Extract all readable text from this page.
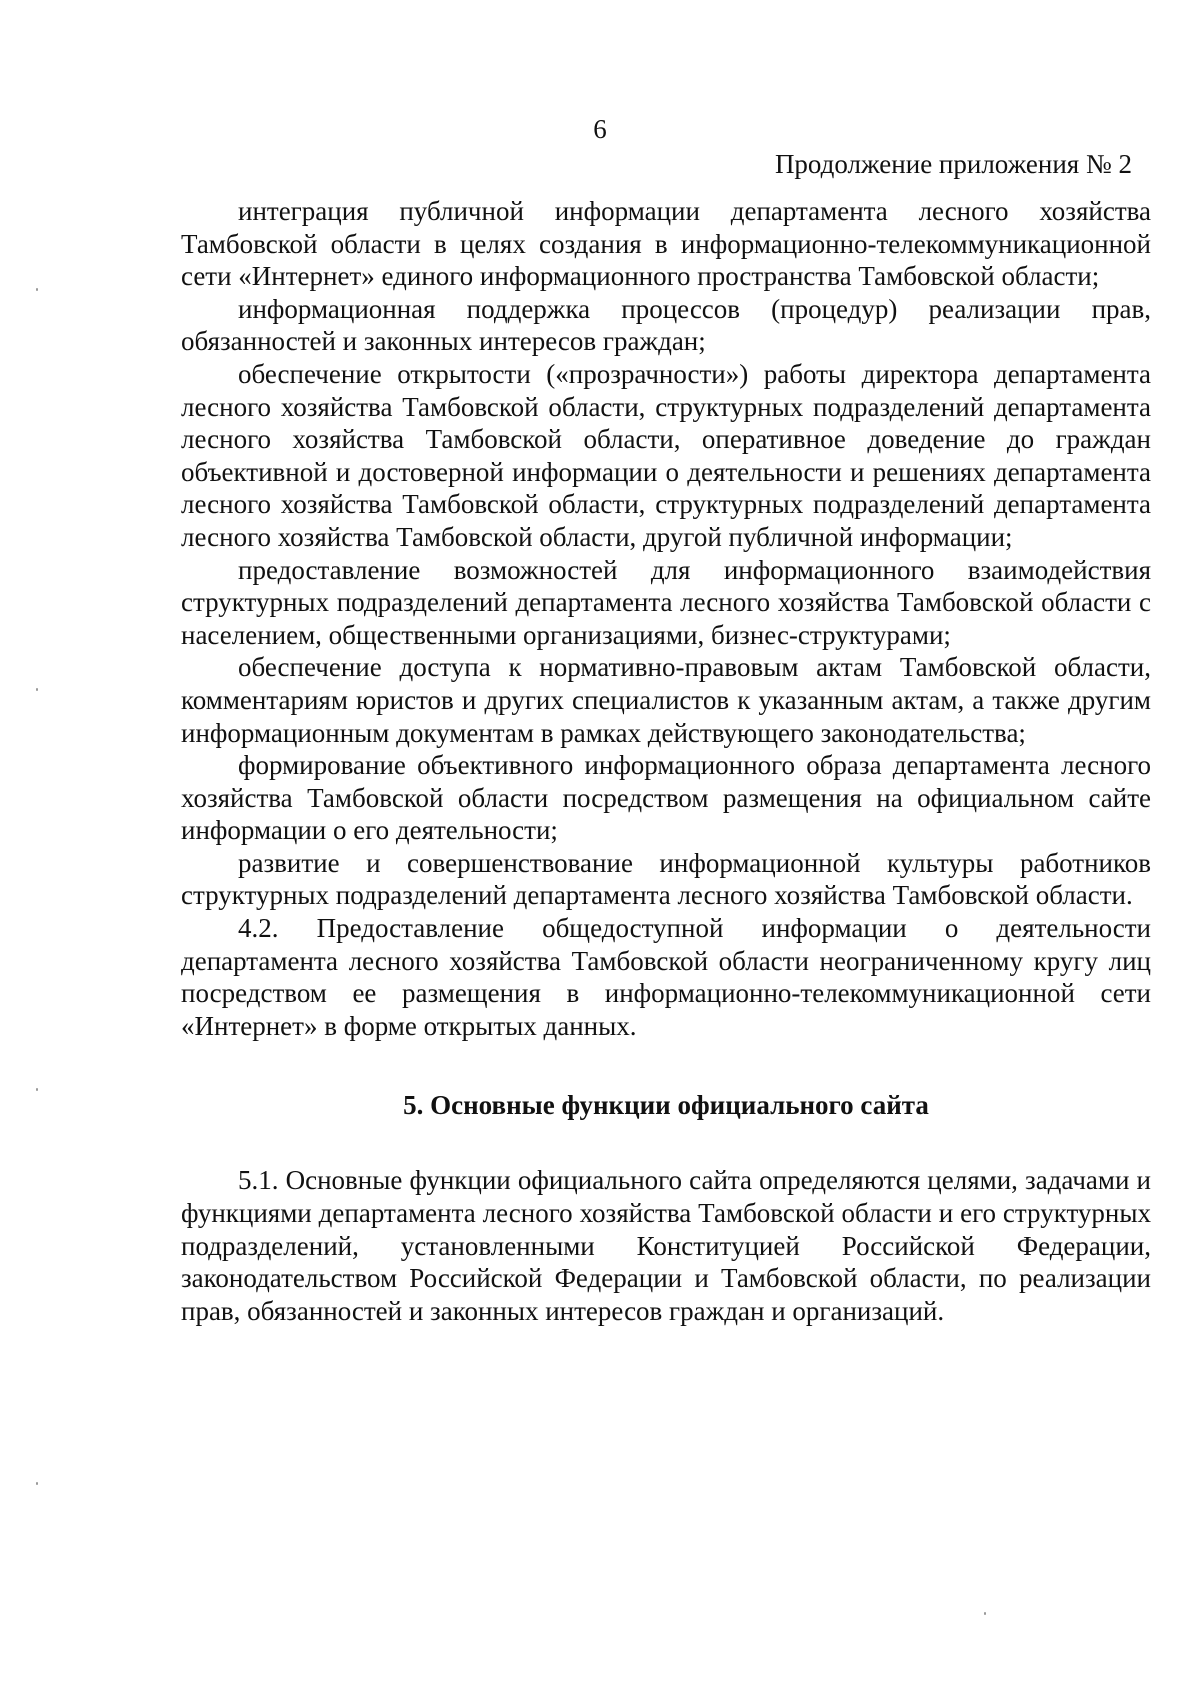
6
Продолжение приложения № 2

интеграция публичной информации департамента лесного хозяйства Тамбовской области в целях создания в информационно-телекоммуникационной сети «Интернет» единого информационного пространства Тамбовской области;

информационная поддержка процессов (процедур) реализации прав, обязанностей и законных интересов граждан;

обеспечение открытости («прозрачности») работы директора департамента лесного хозяйства Тамбовской области, структурных подразделений департамента лесного хозяйства Тамбовской области, оперативное доведение до граждан объективной и достоверной информации о деятельности и решениях департамента лесного хозяйства Тамбовской области, структурных подразделений департамента лесного хозяйства Тамбовской области, другой публичной информации;

предоставление возможностей для информационного взаимодействия структурных подразделений департамента лесного хозяйства Тамбовской области с населением, общественными организациями, бизнес-структурами;

обеспечение доступа к нормативно-правовым актам Тамбовской области, комментариям юристов и других специалистов к указанным актам, а также другим информационным документам в рамках действующего законодательства;

формирование объективного информационного образа департамента лесного хозяйства Тамбовской области посредством размещения на официальном сайте информации о его деятельности;

развитие и совершенствование информационной культуры работников структурных подразделений департамента лесного хозяйства Тамбовской области.

4.2. Предоставление общедоступной информации о деятельности департамента лесного хозяйства Тамбовской области неограниченному кругу лиц посредством ее размещения в информационно-телекоммуникационной сети «Интернет» в форме открытых данных.

5. Основные функции официального сайта

5.1. Основные функции официального сайта определяются целями, задачами и функциями департамента лесного хозяйства Тамбовской области и его структурных подразделений, установленными Конституцией Российской Федерации, законодательством Российской Федерации и Тамбовской области, по реализации прав, обязанностей и законных интересов граждан и организаций.
